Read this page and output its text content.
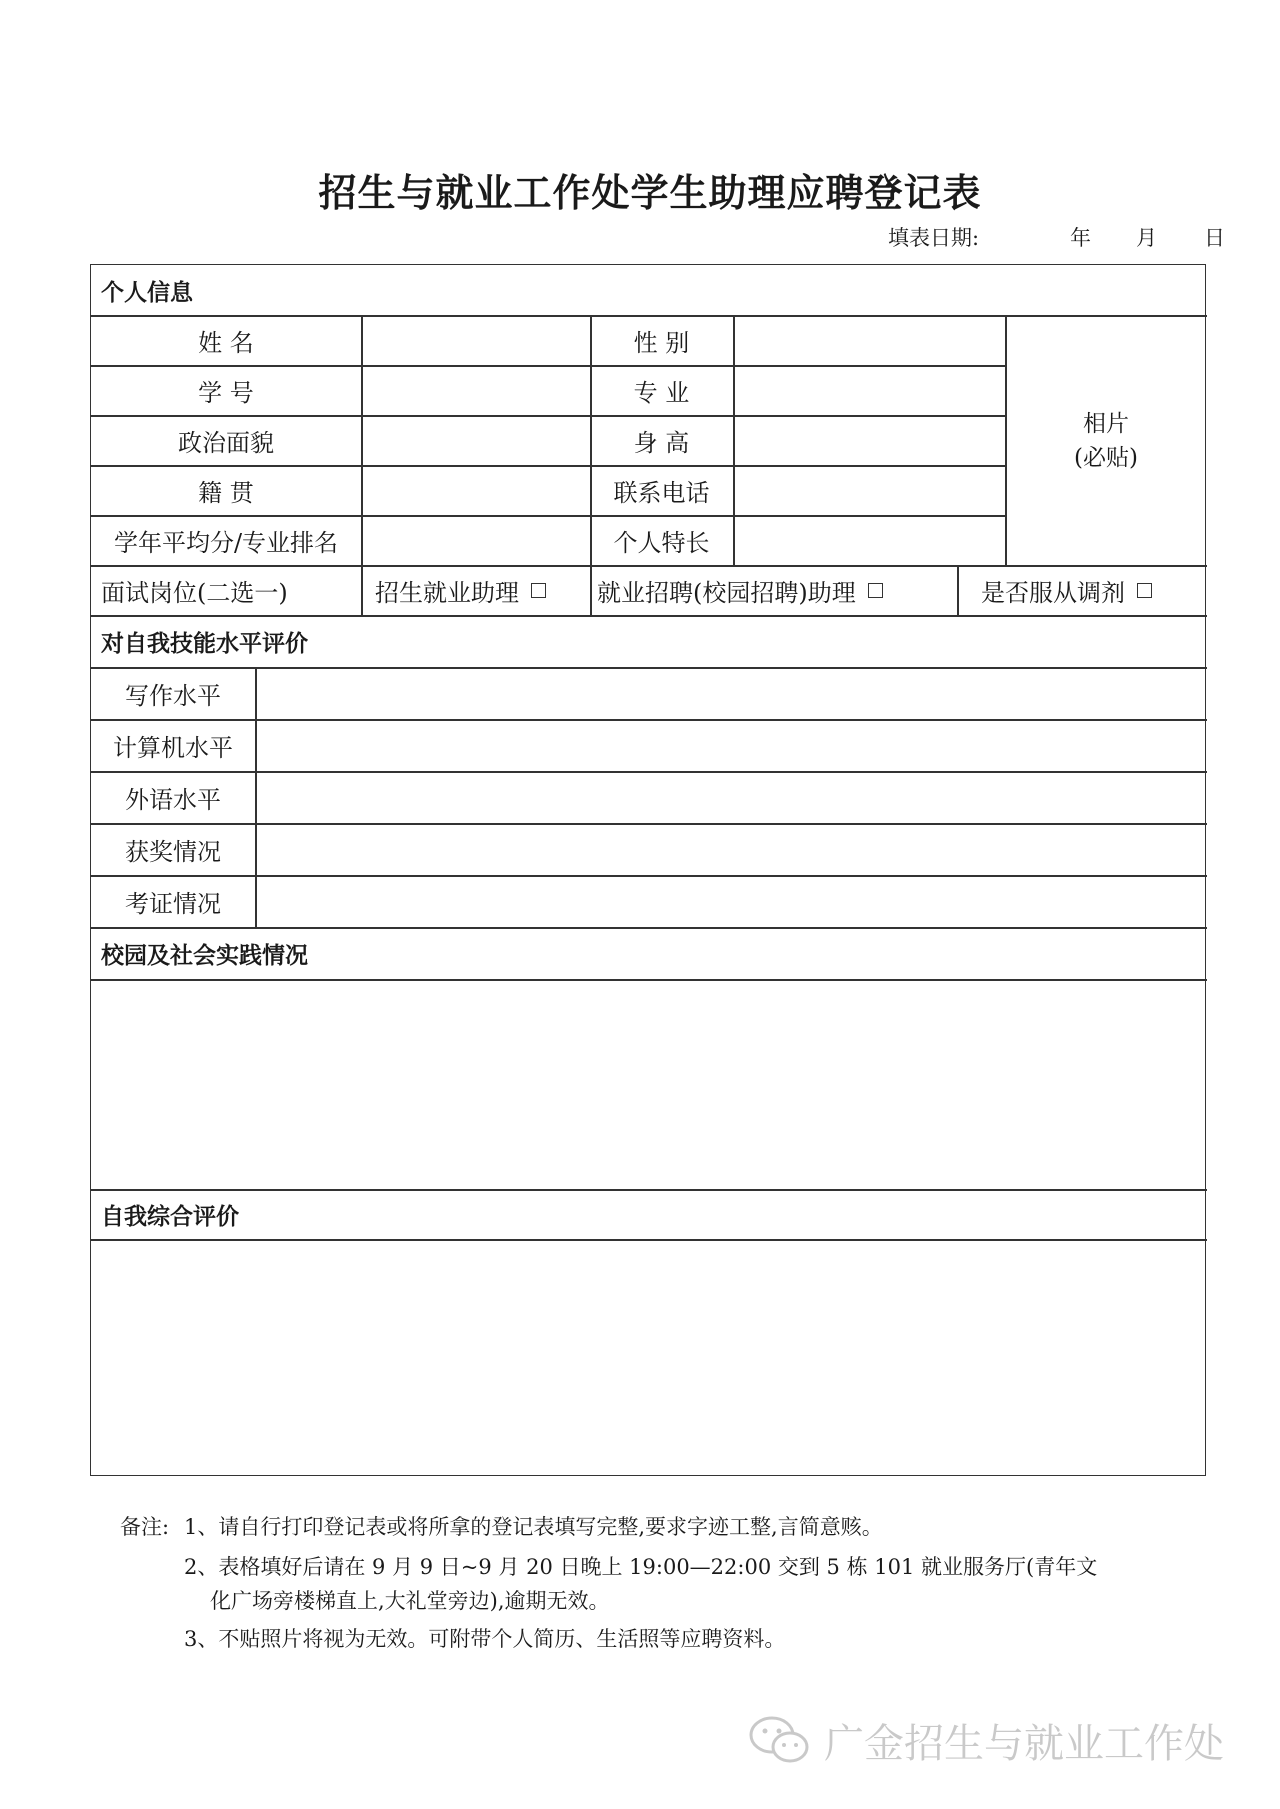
招生与就业工作处学生助理应聘登记表
填表日期:	年 月 日
个人信息
姓 名	性 别
学 号	专 业
政治面貌	身 高
籍 贯	联系电话
学年平均分/专业排名	个人特长
相片
(必贴)
面试岗位(二选一)	招生就业助理	就业招聘(校园招聘)助理	是否服从调剂
对自我技能水平评价
写作水平
计算机水平
外语水平
获奖情况
考证情况
校园及社会实践情况
自我综合评价
备注: 1、请自行打印登记表或将所拿的登记表填写完整,要求字迹工整,言简意赅。
2、表格填好后请在 9 月 9 日~9 月 20 日晚上 19:00—22:00 交到 5 栋 101 就业服务厅(青年文
化广场旁楼梯直上,大礼堂旁边),逾期无效。
3、不贴照片将视为无效。可附带个人简历、生活照等应聘资料。
广金招生与就业工作处
